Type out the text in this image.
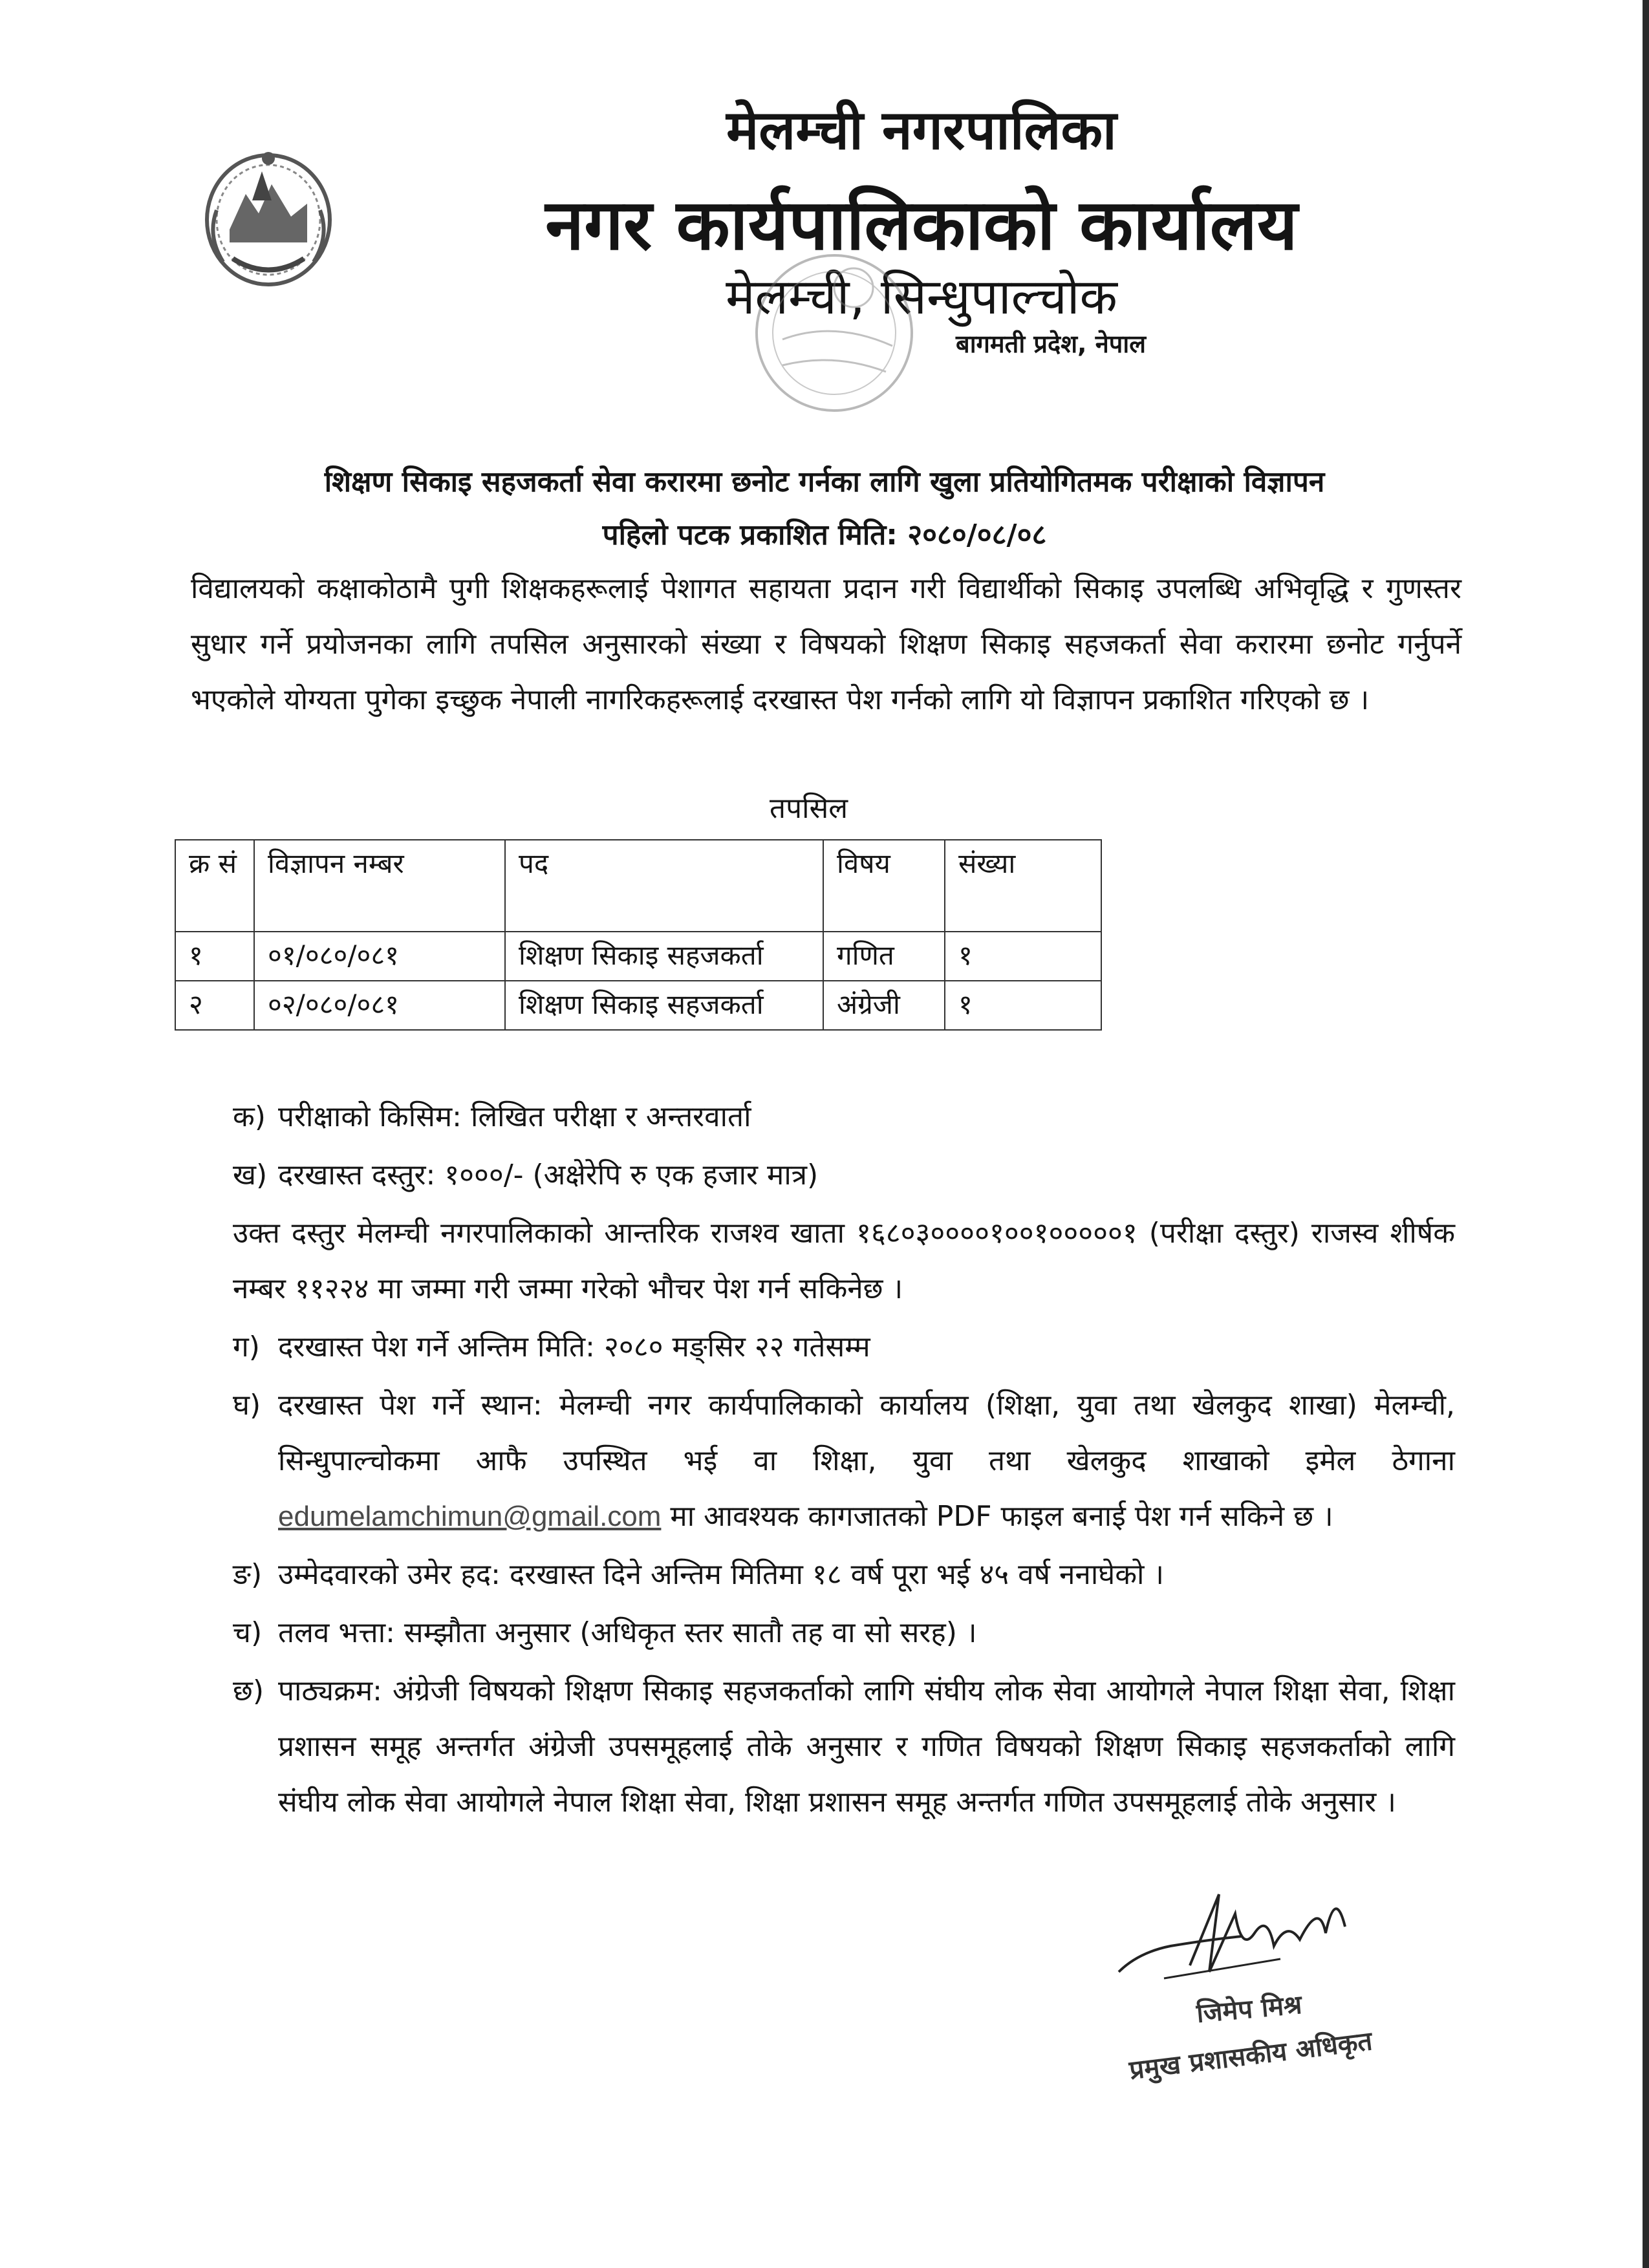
मेलम्ची नगरपालिका
नगर कार्यपालिकाको कार्यालय
मेलम्ची, सिन्धुपाल्चोक
बागमती प्रदेश, नेपाल
शिक्षण सिकाइ सहजकर्ता सेवा करारमा छनोट गर्नका लागि खुला प्रतियोगितमक परीक्षाको विज्ञापन
पहिलो पटक प्रकाशित मिति: २०८०/०८/०८
विद्यालयको कक्षाकोठामै पुगी शिक्षकहरूलाई पेशागत सहायता प्रदान गरी विद्यार्थीको सिकाइ उपलब्धि अभिवृद्धि र गुणस्तर सुधार गर्ने प्रयोजनका लागि तपसिल अनुसारको संख्या र विषयको शिक्षण सिकाइ सहजकर्ता सेवा करारमा छनोट गर्नुपर्ने भएकोले योग्यता पुगेका इच्छुक नेपाली नागरिकहरूलाई दरखास्त पेश गर्नको लागि यो विज्ञापन प्रकाशित गरिएको छ ।
तपसिल
क्र सं	विज्ञापन नम्बर	पद	विषय	संख्या
१	०१/०८०/०८१	शिक्षण सिकाइ सहजकर्ता	गणित	१
२	०२/०८०/०८१	शिक्षण सिकाइ सहजकर्ता	अंग्रेजी	१
क) परीक्षाको किसिम: लिखित परीक्षा र अन्तरवार्ता
ख) दरखास्त दस्तुर: १०००/- (अक्षेरेपि रु एक हजार मात्र)
उक्त दस्तुर मेलम्ची नगरपालिकाको आन्तरिक राजश्व खाता १६८०३००००१००१०००००१ (परीक्षा दस्तुर) राजस्व शीर्षक नम्बर ११२२४ मा जम्मा गरी जम्मा गरेको भौचर पेश गर्न सकिनेछ ।
ग) दरखास्त पेश गर्ने अन्तिम मिति: २०८० मङ्सिर २२ गतेसम्म
घ) दरखास्त पेश गर्ने स्थान: मेलम्ची नगर कार्यपालिकाको कार्यालय (शिक्षा, युवा तथा खेलकुद शाखा) मेलम्ची, सिन्धुपाल्चोकमा आफै उपस्थित भई वा शिक्षा, युवा तथा खेलकुद शाखाको इमेल ठेगाना edumelamchimun@gmail.com मा आवश्यक कागजातको PDF फाइल बनाई पेश गर्न सकिने छ ।
ङ) उम्मेदवारको उमेर हद: दरखास्त दिने अन्तिम मितिमा १८ वर्ष पूरा भई ४५ वर्ष ननाघेको ।
च) तलव भत्ता: सम्झौता अनुसार (अधिकृत स्तर सातौ तह वा सो सरह) ।
छ) पाठ्यक्रम: अंग्रेजी विषयको शिक्षण सिकाइ सहजकर्ताको लागि संघीय लोक सेवा आयोगले नेपाल शिक्षा सेवा, शिक्षा प्रशासन समूह अन्तर्गत अंग्रेजी उपसमूहलाई तोके अनुसार र गणित विषयको शिक्षण सिकाइ सहजकर्ताको लागि संघीय लोक सेवा आयोगले नेपाल शिक्षा सेवा, शिक्षा प्रशासन समूह अन्तर्गत गणित उपसमूहलाई तोके अनुसार ।
जिमेप मिश्र
प्रमुख प्रशासकीय अधिकृत
